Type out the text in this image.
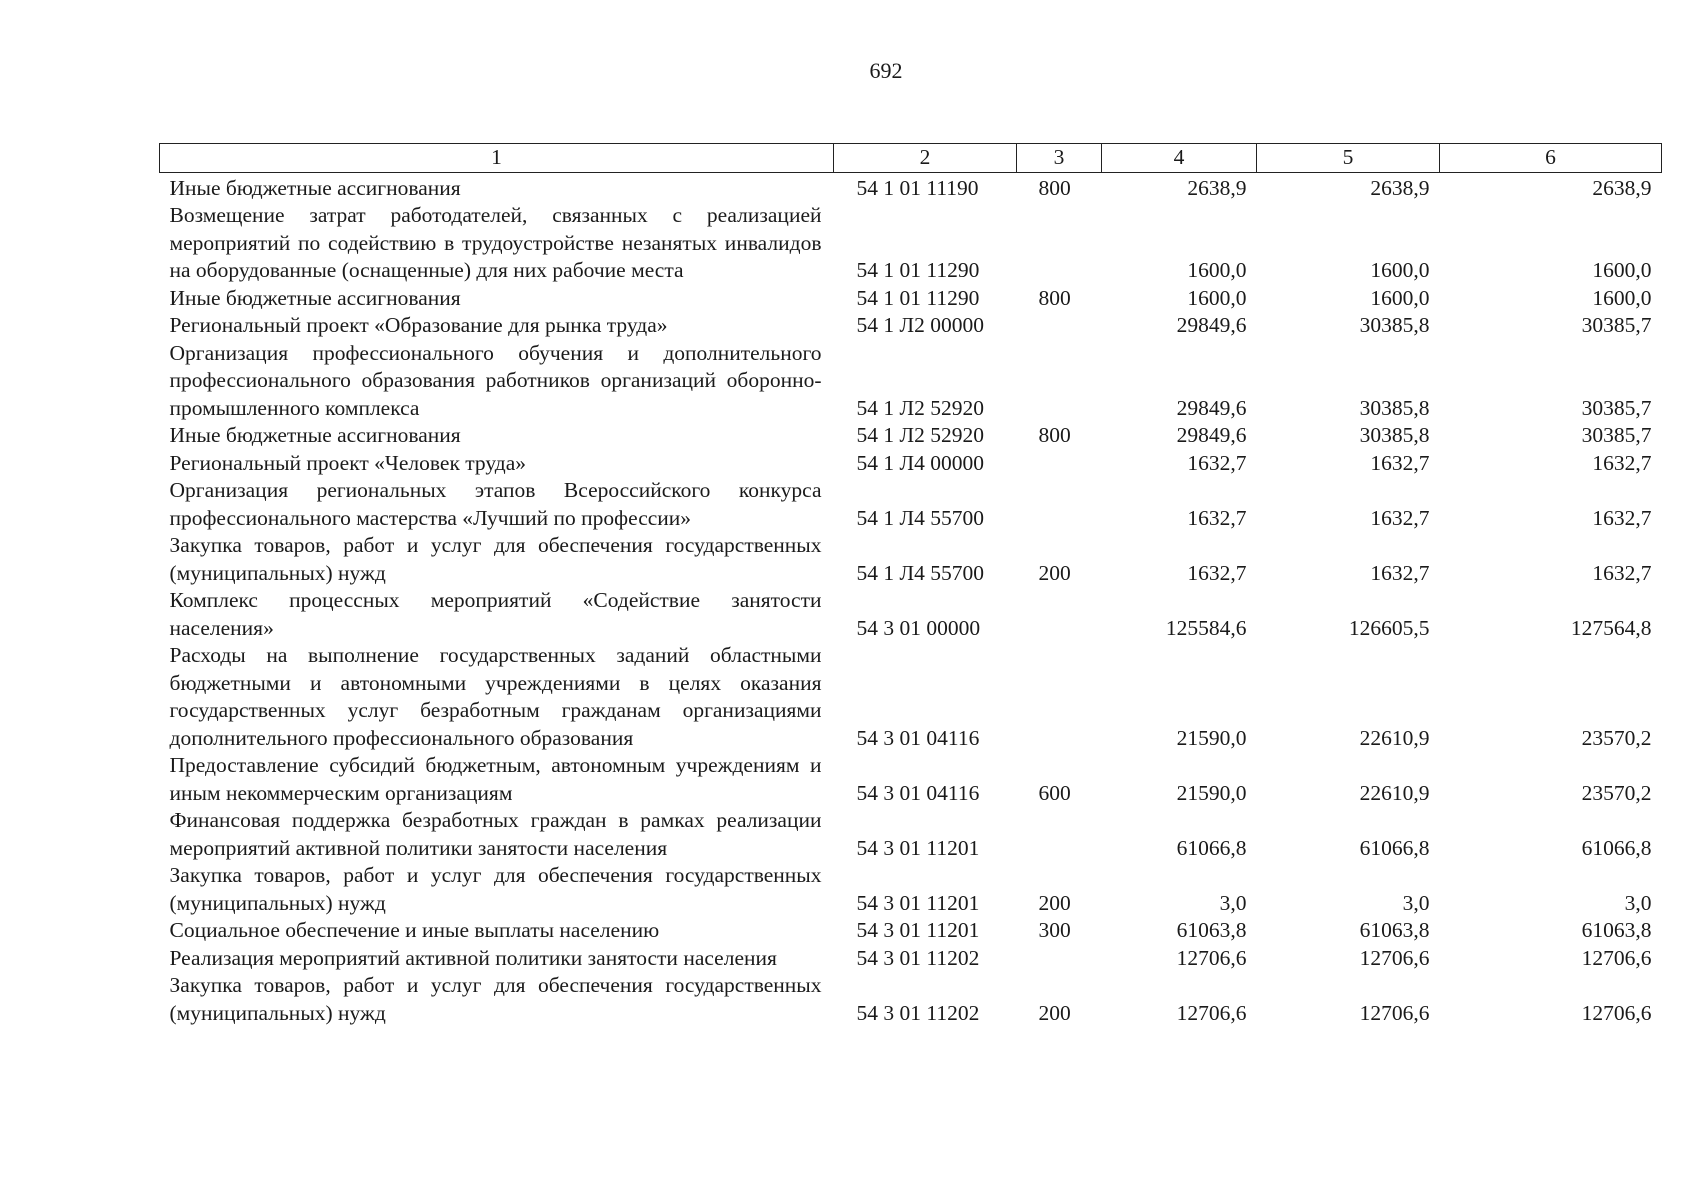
692
1	2	3	4	5	6
Иные бюджетные ассигнования	54 1 01 11190	800	2638,9	2638,9	2638,9
Возмещение затрат работодателей, связанных с реализацией мероприятий по содействию в трудоустройстве незанятых инвалидов на оборудованные (оснащенные) для них рабочие места	54 1 01 11290		1600,0	1600,0	1600,0
Иные бюджетные ассигнования	54 1 01 11290	800	1600,0	1600,0	1600,0
Региональный проект «Образование для рынка труда»	54 1 Л2 00000		29849,6	30385,8	30385,7
Организация профессионального обучения и дополнительного профессионального образования работников организаций оборонно-промышленного комплекса	54 1 Л2 52920		29849,6	30385,8	30385,7
Иные бюджетные ассигнования	54 1 Л2 52920	800	29849,6	30385,8	30385,7
Региональный проект «Человек труда»	54 1 Л4 00000		1632,7	1632,7	1632,7
Организация региональных этапов Всероссийского конкурса профессионального мастерства «Лучший по профессии»	54 1 Л4 55700		1632,7	1632,7	1632,7
Закупка товаров, работ и услуг для обеспечения государственных (муниципальных) нужд	54 1 Л4 55700	200	1632,7	1632,7	1632,7
Комплекс процессных мероприятий «Содействие занятости населения»	54 3 01 00000		125584,6	126605,5	127564,8
Расходы на выполнение государственных заданий областными бюджетными и автономными учреждениями в целях оказания государственных услуг безработным гражданам организациями дополнительного профессионального образования	54 3 01 04116		21590,0	22610,9	23570,2
Предоставление субсидий бюджетным, автономным учреждениям и иным некоммерческим организациям	54 3 01 04116	600	21590,0	22610,9	23570,2
Финансовая поддержка безработных граждан в рамках реализации мероприятий активной политики занятости населения	54 3 01 11201		61066,8	61066,8	61066,8
Закупка товаров, работ и услуг для обеспечения государственных (муниципальных) нужд	54 3 01 11201	200	3,0	3,0	3,0
Социальное обеспечение и иные выплаты населению	54 3 01 11201	300	61063,8	61063,8	61063,8
Реализация мероприятий активной политики занятости населения	54 3 01 11202		12706,6	12706,6	12706,6
Закупка товаров, работ и услуг для обеспечения государственных (муниципальных) нужд	54 3 01 11202	200	12706,6	12706,6	12706,6
